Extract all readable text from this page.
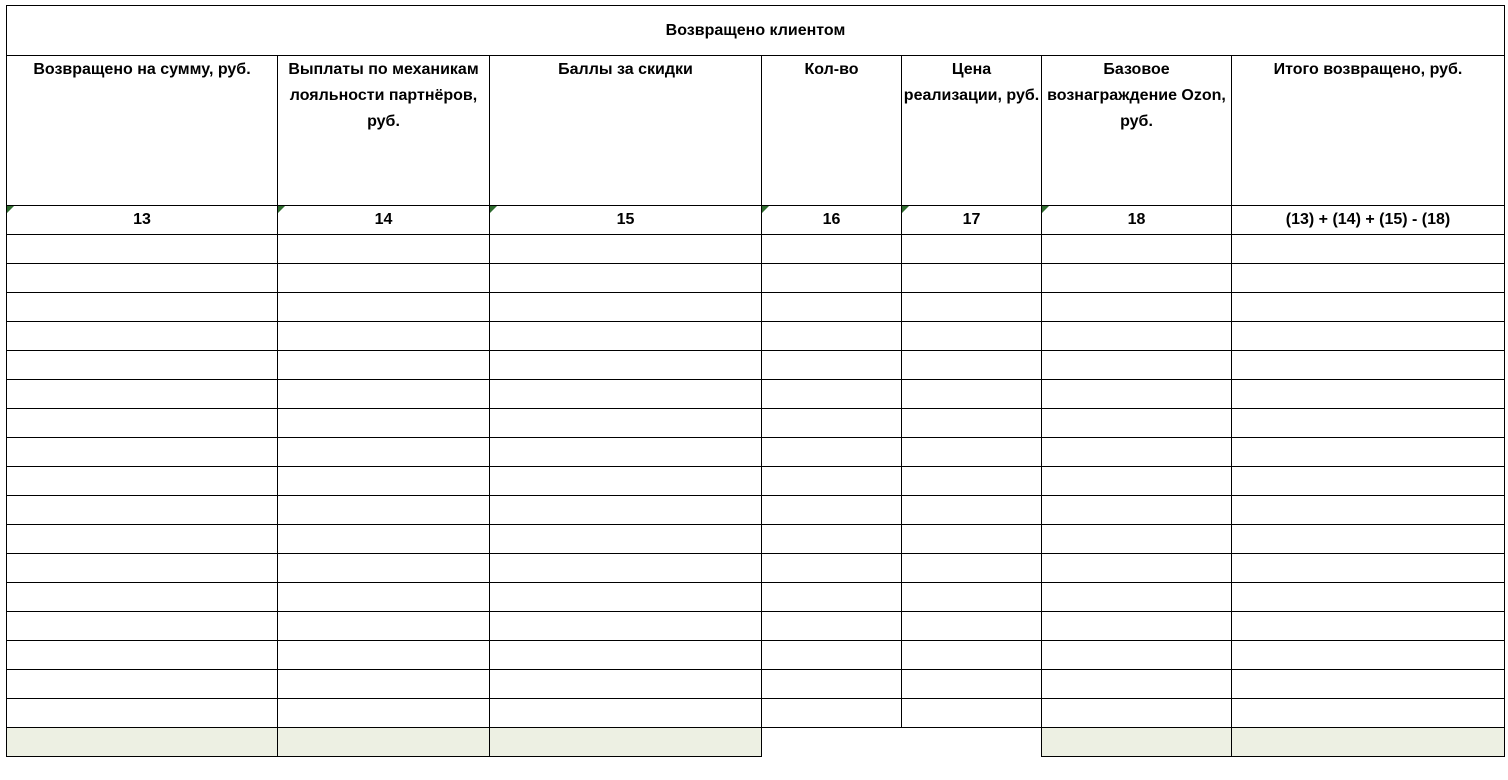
Возвращено клиентом						
Возвращено на сумму, руб.	Выплаты по механикам лояльности партнёров, руб.	Баллы за скидки	Кол-во	Цена реализации, руб.	Базовое вознаграждение Ozon, руб.	Итого возвращено, руб.

13	14	15	16	17	18	(13) + (14) + (15) - (18)
